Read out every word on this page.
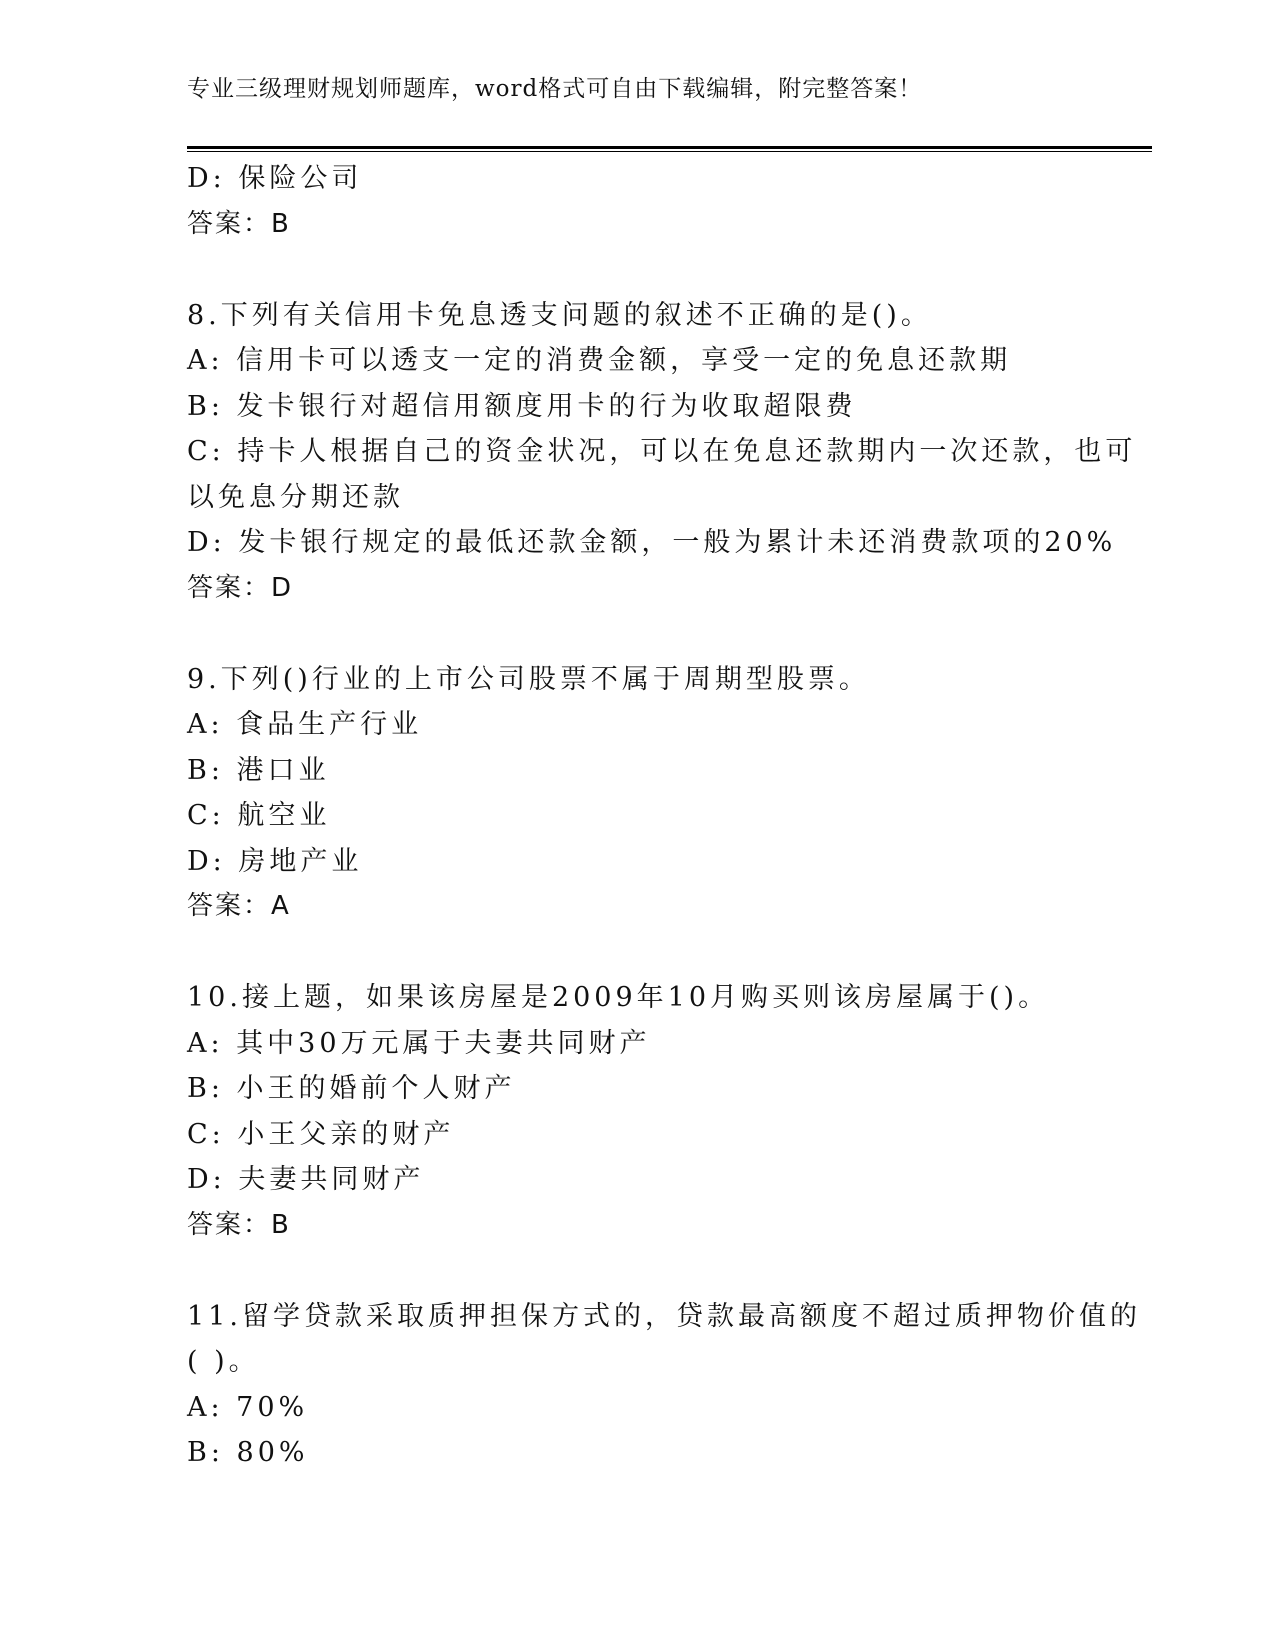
专业三级理财规划师题库，word格式可自由下载编辑，附完整答案！
D: 保险公司
答案：B
8.下列有关信用卡免息透支问题的叙述不正确的是()。
A: 信用卡可以透支一定的消费金额，享受一定的免息还款期
B: 发卡银行对超信用额度用卡的行为收取超限费
C: 持卡人根据自己的资金状况，可以在免息还款期内一次还款，也可
以免息分期还款
D: 发卡银行规定的最低还款金额，一般为累计未还消费款项的20%
答案：D
9.下列()行业的上市公司股票不属于周期型股票。
A: 食品生产行业
B: 港口业
C: 航空业
D: 房地产业
答案：A
10.接上题，如果该房屋是2009年10月购买则该房屋属于()。
A: 其中30万元属于夫妻共同财产
B: 小王的婚前个人财产
C: 小王父亲的财产
D: 夫妻共同财产
答案：B
11.留学贷款采取质押担保方式的，贷款最高额度不超过质押物价值的
( )。
A: 70%
B: 80%
